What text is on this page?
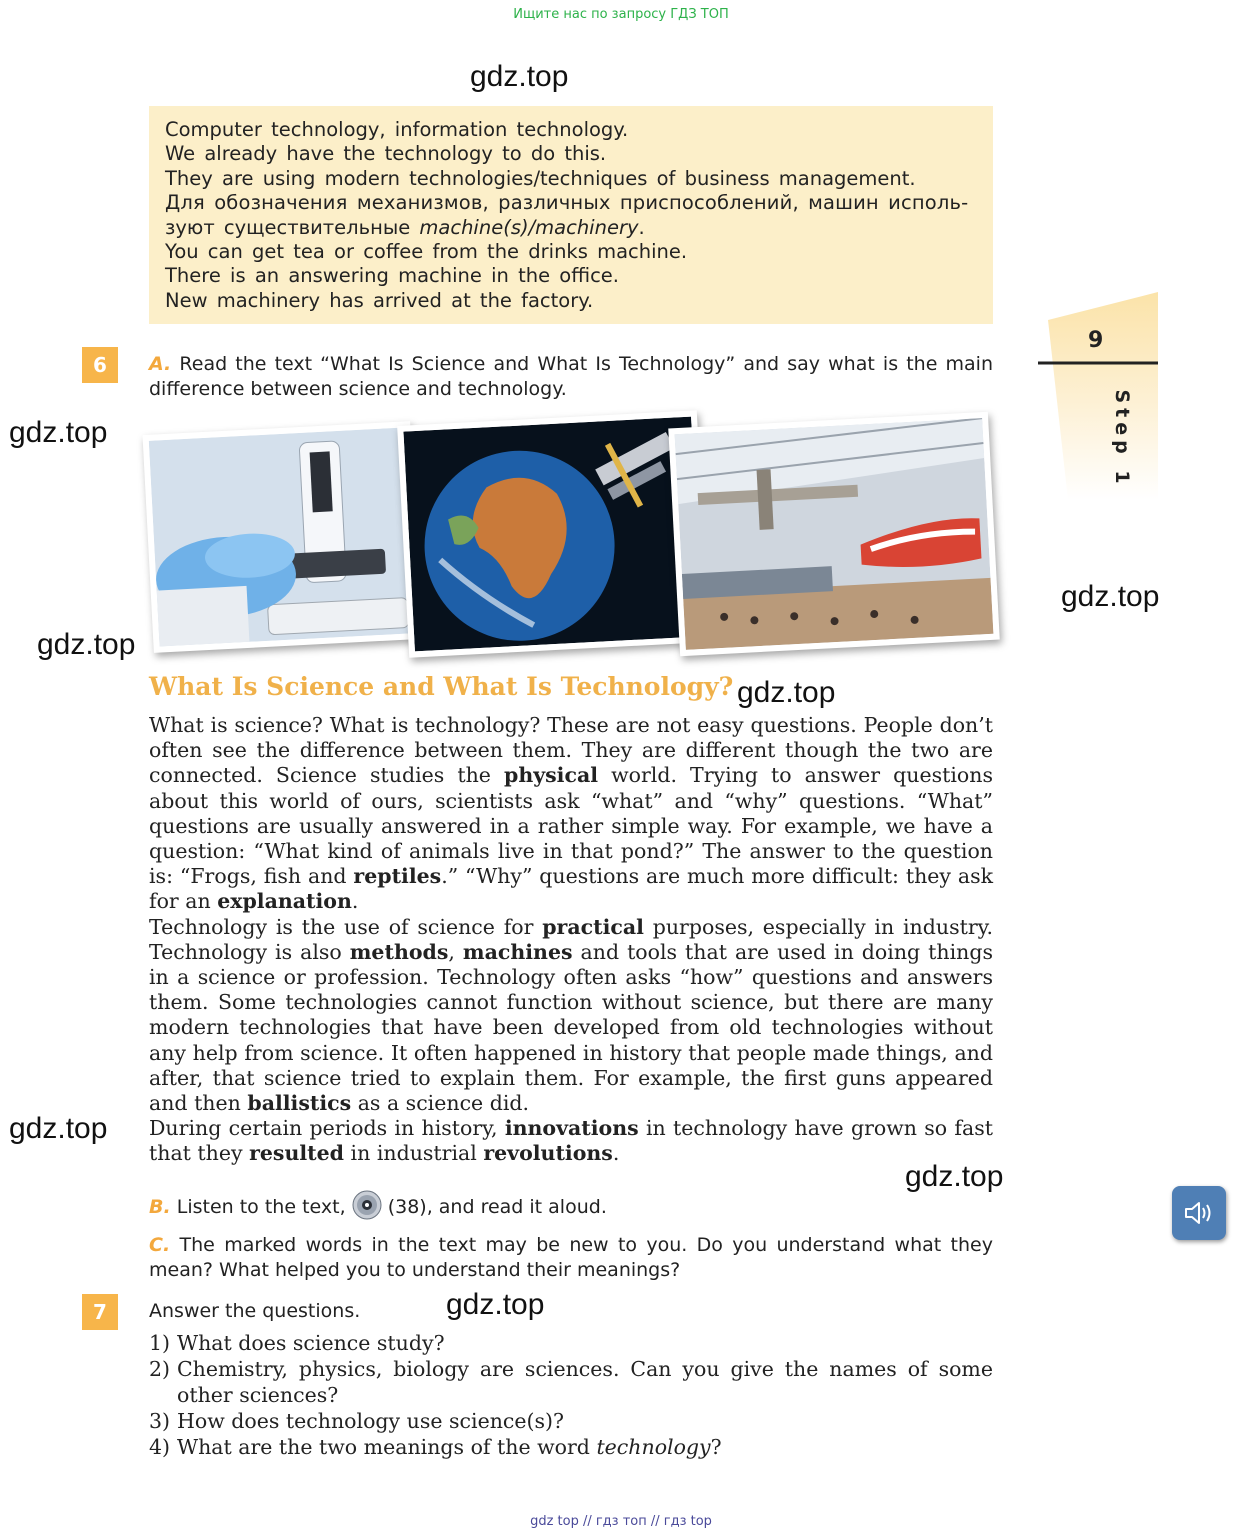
Ищите нас по запросу ГДЗ ТОП
gdz.top
gdz.top
gdz.top
gdz.top
gdz.top
gdz.top
gdz.top
gdz.top
Computer technology, information technology.
We already have the technology to do this.
They are using modern technologies/techniques of business management.
Для обозначения механизмов, различных приспособлений, машин исполь-
зуют существительные machine(s)/machinery.
You can get tea or coffee from the drinks machine.
There is an answering machine in the office.
New machinery has arrived at the factory.
9
Step 1
6	A. Read the text “What Is Science and What Is Technology” and say what is the main difference between science and technology.
What Is Science and What Is Technology?

What is science? What is technology? These are not easy questions. People don’t often see the difference between them. They are different though the two are connected. Science studies the physical world. Trying to answer questions about this world of ours, scientists ask “what” and “why” questions. “What” questions are usually answered in a rather simple way. For example, we have a question: “What kind of animals live in that pond?” The answer to the question is: “Frogs, fish and reptiles.” “Why” questions are much more difficult: they ask for an explanation.

Technology is the use of science for practical purposes, especially in industry. Technology is also methods, machines and tools that are used in doing things in a science or profession. Technology often asks “how” questions and answers them. Some technologies cannot function without science, but there are many modern technologies that have been developed from old technologies without any help from science. It often happened in history that people made things, and after, that science tried to explain them. For example, the first guns appeared and then ballistics as a science did.

During certain periods in history, innovations in technology have grown so fast that they resulted in industrial revolutions.

B. Listen to the text, (38), and read it aloud.
C. The marked words in the text may be new to you. Do you understand what they mean? What helped you to understand their meanings?
7	Answer the questions.

1) What does science study?

2) Chemistry, physics, biology are sciences. Can you give the names of some other sciences?

3) How does technology use science(s)?

4) What are the two meanings of the word technology?

gdz top // гдз топ // гдз top
